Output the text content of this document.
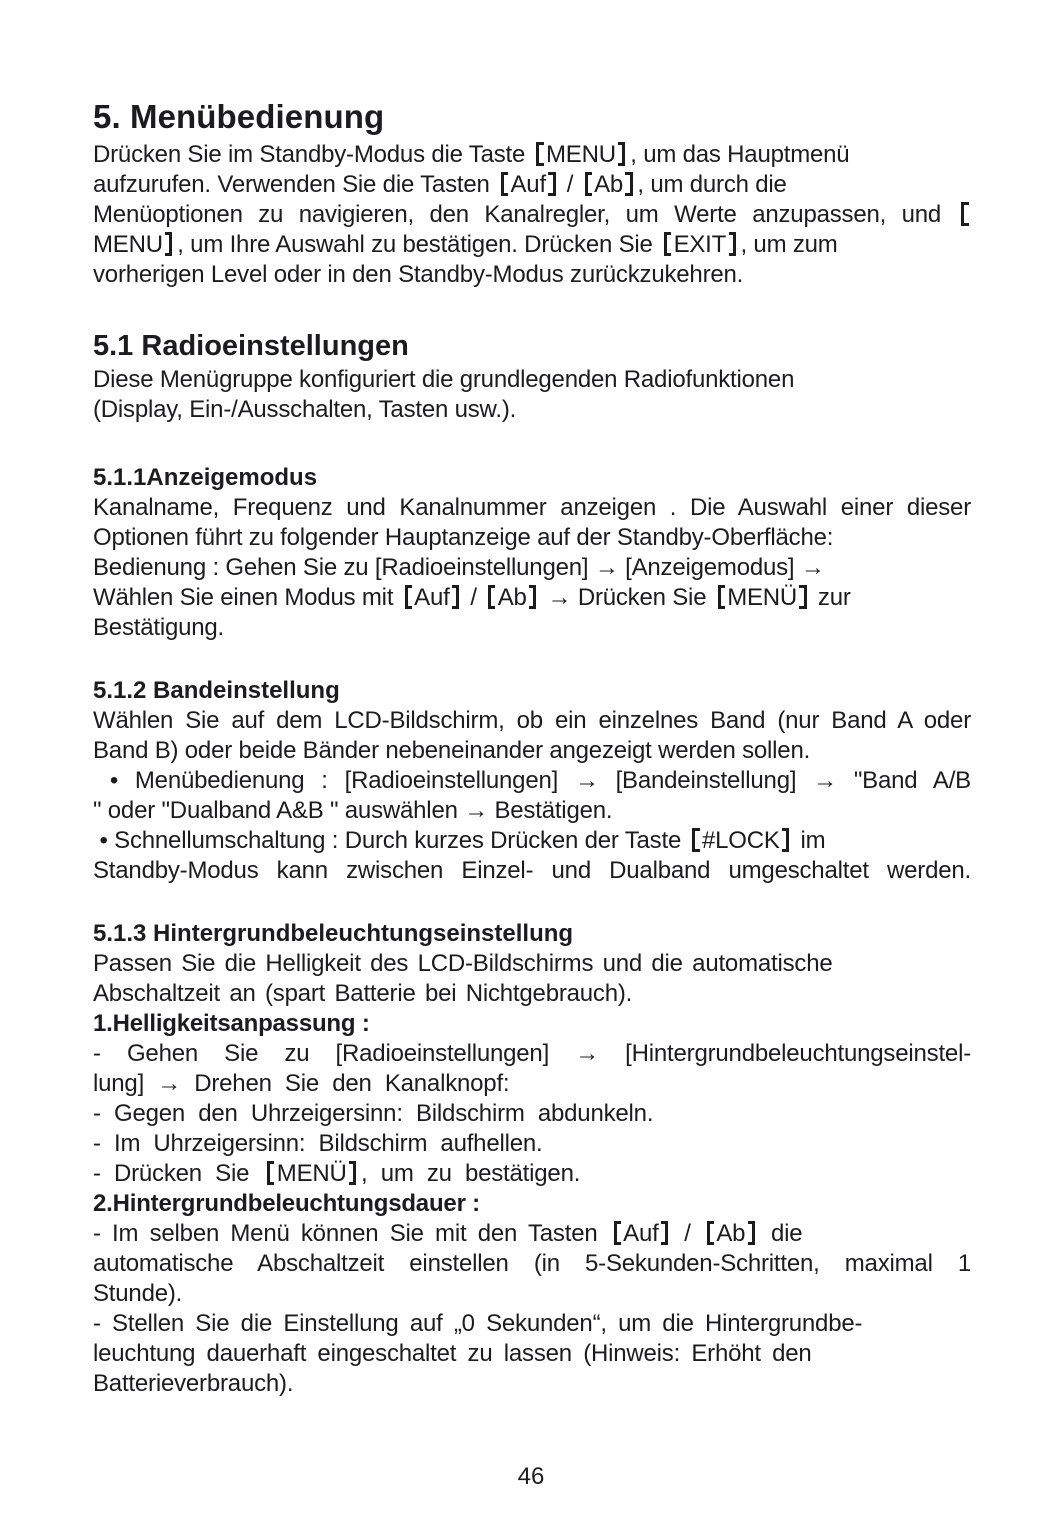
5. Menübedienung
Drücken Sie im Standby-Modus die Taste MENU , um das Hauptmenü
aufzurufen. Verwenden Sie die Tasten Auf / Ab , um durch die
Menüoptionen zu navigieren, den Kanalregler, um Werte anzupassen, und
MENU , um Ihre Auswahl zu bestätigen. Drücken Sie EXIT , um zum
vorherigen Level oder in den Standby-Modus zurückzukehren.
5.1 Radioeinstellungen
Diese Menügruppe konfiguriert die grundlegenden Radiofunktionen
(Display, Ein-/Ausschalten, Tasten usw.).
5.1.1Anzeigemodus
Kanalname, Frequenz und Kanalnummer anzeigen . Die Auswahl einer dieser
Optionen führt zu folgender Hauptanzeige auf der Standby-Oberfläche:
Bedienung : Gehen Sie zu [Radioeinstellungen] → [Anzeigemodus] →
Wählen Sie einen Modus mit Auf / Ab → Drücken Sie MENÜ zur
Bestätigung.
5.1.2 Bandeinstellung
Wählen Sie auf dem LCD-Bildschirm, ob ein einzelnes Band (nur Band A oder
Band B) oder beide Bänder nebeneinander angezeigt werden sollen.
• Menübedienung : [Radioeinstellungen] → [Bandeinstellung] → "Band A/B
" oder "Dualband A&B " auswählen → Bestätigen.
• Schnellumschaltung : Durch kurzes Drücken der Taste #LOCK im
Standby-Modus kann zwischen Einzel- und Dualband umgeschaltet werden.
5.1.3 Hintergrundbeleuchtungseinstellung
Passen Sie die Helligkeit des LCD-Bildschirms und die automatische
Abschaltzeit an (spart Batterie bei Nichtgebrauch).
1.Helligkeitsanpassung :
- Gehen Sie zu [Radioeinstellungen] → [Hintergrundbeleuchtungseinstel-
lung] → Drehen Sie den Kanalknopf:
- Gegen den Uhrzeigersinn: Bildschirm abdunkeln.
- Im Uhrzeigersinn: Bildschirm aufhellen.
- Drücken Sie MENÜ , um zu bestätigen.
2.Hintergrundbeleuchtungsdauer :
- Im selben Menü können Sie mit den Tasten Auf / Ab die
automatische Abschaltzeit einstellen (in 5-Sekunden-Schritten, maximal 1
Stunde).
- Stellen Sie die Einstellung auf „0 Sekunden“, um die Hintergrundbe-
leuchtung dauerhaft eingeschaltet zu lassen (Hinweis: Erhöht den
Batterieverbrauch).
46
